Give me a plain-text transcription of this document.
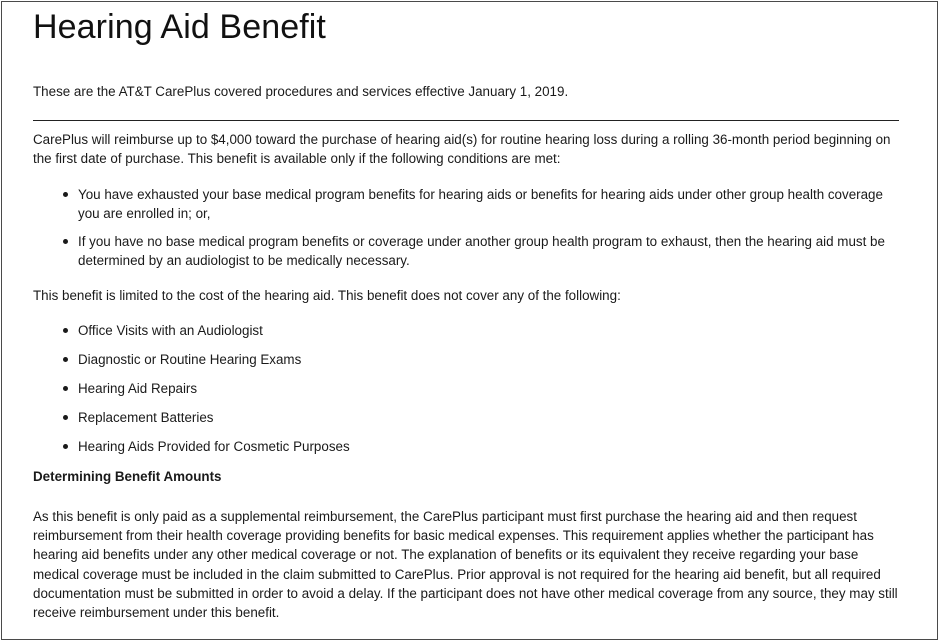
Hearing Aid Benefit

These are the AT&T CarePlus covered procedures and services effective January 1, 2019.

CarePlus will reimburse up to $4,000 toward the purchase of hearing aid(s) for routine hearing loss during a rolling 36-month period beginning on the first date of purchase. This benefit is available only if the following conditions are met:

You have exhausted your base medical program benefits for hearing aids or benefits for hearing aids under other group health coverage you are enrolled in; or,
If you have no base medical program benefits or coverage under another group health program to exhaust, then the hearing aid must be determined by an audiologist to be medically necessary.

This benefit is limited to the cost of the hearing aid. This benefit does not cover any of the following:

Office Visits with an Audiologist
Diagnostic or Routine Hearing Exams
Hearing Aid Repairs
Replacement Batteries
Hearing Aids Provided for Cosmetic Purposes
Determining Benefit Amounts

As this benefit is only paid as a supplemental reimbursement, the CarePlus participant must first purchase the hearing aid and then request reimbursement from their health coverage providing benefits for basic medical expenses. This requirement applies whether the participant has hearing aid benefits under any other medical coverage or not. The explanation of benefits or its equivalent they receive regarding your base medical coverage must be included in the claim submitted to CarePlus. Prior approval is not required for the hearing aid benefit, but all required documentation must be submitted in order to avoid a delay. If the participant does not have other medical coverage from any source, they may still receive reimbursement under this benefit.
